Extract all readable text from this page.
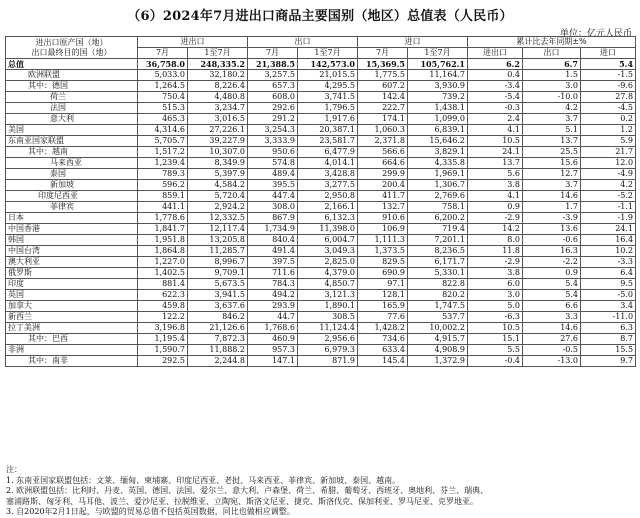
（6）2024年7月进出口商品主要国别（地区）总值表（人民币）
单位：亿元人民币
进出口原产国（地）
出口最终目的国（地）	进出口		出口		进口		累计比去年同期±%		
	7月	1至7月	7月	1至7月	7月	1至7月	进出口	出口	进口
总值	36,758.0	248,335.2	21,388.5	142,573.0	15,369.5	105,762.1	6.2	6.7	5.4
欧洲联盟	5,033.0	32,180.2	3,257.5	21,015.5	1,775.5	11,164.7	0.4	1.5	-1.5
其中：德国	1,264.5	8,226.4	657.3	4,295.5	607.2	3,930.9	-3.4	3.0	-9.6
荷兰	750.4	4,480.8	608.0	3,741.5	142.4	739.2	-5.4	-10.0	27.8
法国	515.3	3,234.7	292.6	1,796.5	222.7	1,438.1	-0.3	4.2	-4.5
意大利	465.3	3,016.5	291.2	1,917.6	174.1	1,099.0	2.4	3.7	0.2
美国	4,314.6	27,226.1	3,254.3	20,387.1	1,060.3	6,839.1	4.1	5.1	1.2
东南亚国家联盟	5,705.7	39,227.9	3,333.9	23,581.7	2,371.8	15,646.2	10.5	13.7	5.9
其中：越南	1,517.2	10,307.0	950.6	6,477.9	566.6	3,829.1	24.1	25.5	21.7
马来西亚	1,239.4	8,349.9	574.8	4,014.1	664.6	4,335.8	13.7	15.6	12.0
泰国	789.3	5,397.9	489.4	3,428.8	299.9	1,969.1	5.6	12.7	-4.9
新加坡	596.2	4,584.2	395.5	3,277.5	200.4	1,306.7	3.8	3.7	4.2
印度尼西亚	859.1	5,720.4	447.4	2,950.8	411.7	2,769.6	4.1	14.6	-5.2
菲律宾	441.1	2,924.2	308.0	2,166.1	132.7	758.1	0.9	1.7	-1.1
日本	1,778.6	12,332.5	867.9	6,132.3	910.6	6,200.2	-2.9	-3.9	-1.9
中国香港	1,841.7	12,117.4	1,734.9	11,398.0	106.9	719.4	14.2	13.6	24.1
韩国	1,951.8	13,205.8	840.4	6,004.7	1,111.3	7,201.1	8.0	-0.6	16.4
中国台湾	1,864.8	11,285.7	491.4	3,049.3	1,373.5	8,236.5	11.8	16.3	10.2
澳大利亚	1,227.0	8,996.7	397.5	2,825.0	829.5	6,171.7	-2.9	-2.2	-3.3
俄罗斯	1,402.5	9,709.1	711.6	4,379.0	690.9	5,330.1	3.8	0.9	6.4
印度	881.4	5,673.5	784.3	4,850.7	97.1	822.8	6.0	5.4	9.5
英国	622.3	3,941.5	494.2	3,121.3	128.1	820.2	3.0	5.4	-5.0
加拿大	459.8	3,637.6	293.9	1,890.1	165.9	1,747.5	5.0	6.6	3.4
新西兰	122.2	846.2	44.7	308.5	77.6	537.7	-6.3	3.3	-11.0
拉丁美洲	3,196.8	21,126.6	1,768.6	11,124.4	1,428.2	10,002.2	10.5	14.6	6.3
其中：巴西	1,195.4	7,872.3	460.9	2,956.6	734.6	4,915.7	15.1	27.6	8.7
非洲	1,590.7	11,888.2	957.3	6,979.3	633.4	4,908.9	5.5	-0.5	15.5
其中：南非	292.5	2,244.8	147.1	871.9	145.4	1,372.9	-0.4	-13.0	9.7
注：
1. 东南亚国家联盟包括：文莱、缅甸、柬埔寨、印度尼西亚、老挝、马来西亚、菲律宾、新加坡、泰国、越南。
2. 欧洲联盟包括：比利时、丹麦、英国、德国、法国、爱尔兰、意大利、卢森堡、荷兰、希腊、葡萄牙、西班牙、奥地利、芬兰、瑞典、
塞浦路斯、匈牙利、马耳他、波兰、爱沙尼亚、拉脱维亚、立陶宛、斯洛文尼亚、捷克、斯洛伐克、保加利亚、罗马尼亚、克罗地亚。
3. 自2020年2月1日起，与欧盟的贸易总值不包括英国数据，同比也做相应调整。
